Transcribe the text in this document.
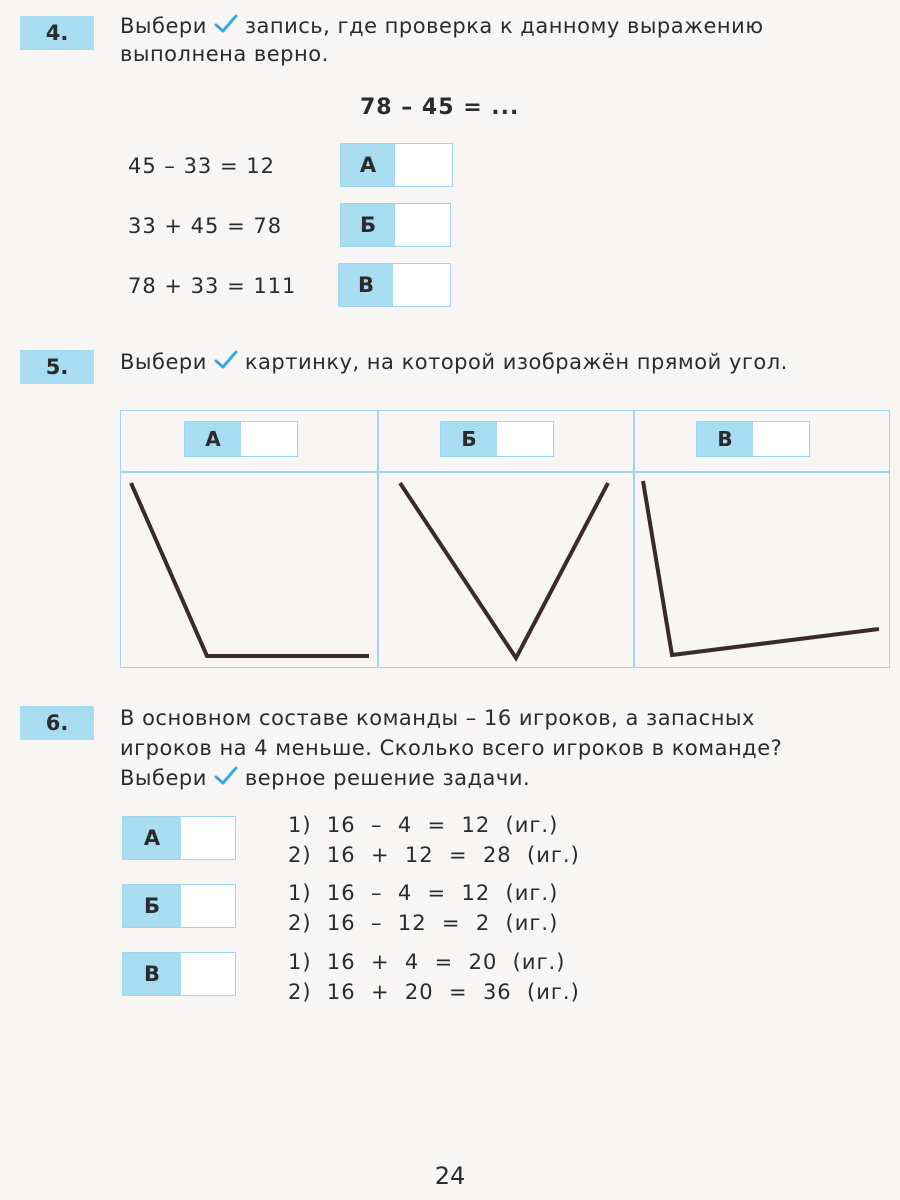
4. Выбери запись, где проверка к данному выражению
выполнена верно.
78 – 45 = ...
45 – 33 = 12	А
33 + 45 = 78	Б
78 + 33 = 111	В
5. Выбери картинку, на которой изображён прямой угол.
А	Б	В
6. В основном составе команды – 16 игроков, а запасных
игроков на 4 меньше. Сколько всего игроков в команде?
Выбери верное решение задачи.
А
1)  16  –  4  =  12  (иг.)
2)  16  +  12  =  28  (иг.)
Б
1)  16  –  4  =  12  (иг.)
2)  16  –  12  =  2  (иг.)
В	1)  16  +  4  =  20  (иг.)
2)  16  +  20  =  36  (иг.)
24
